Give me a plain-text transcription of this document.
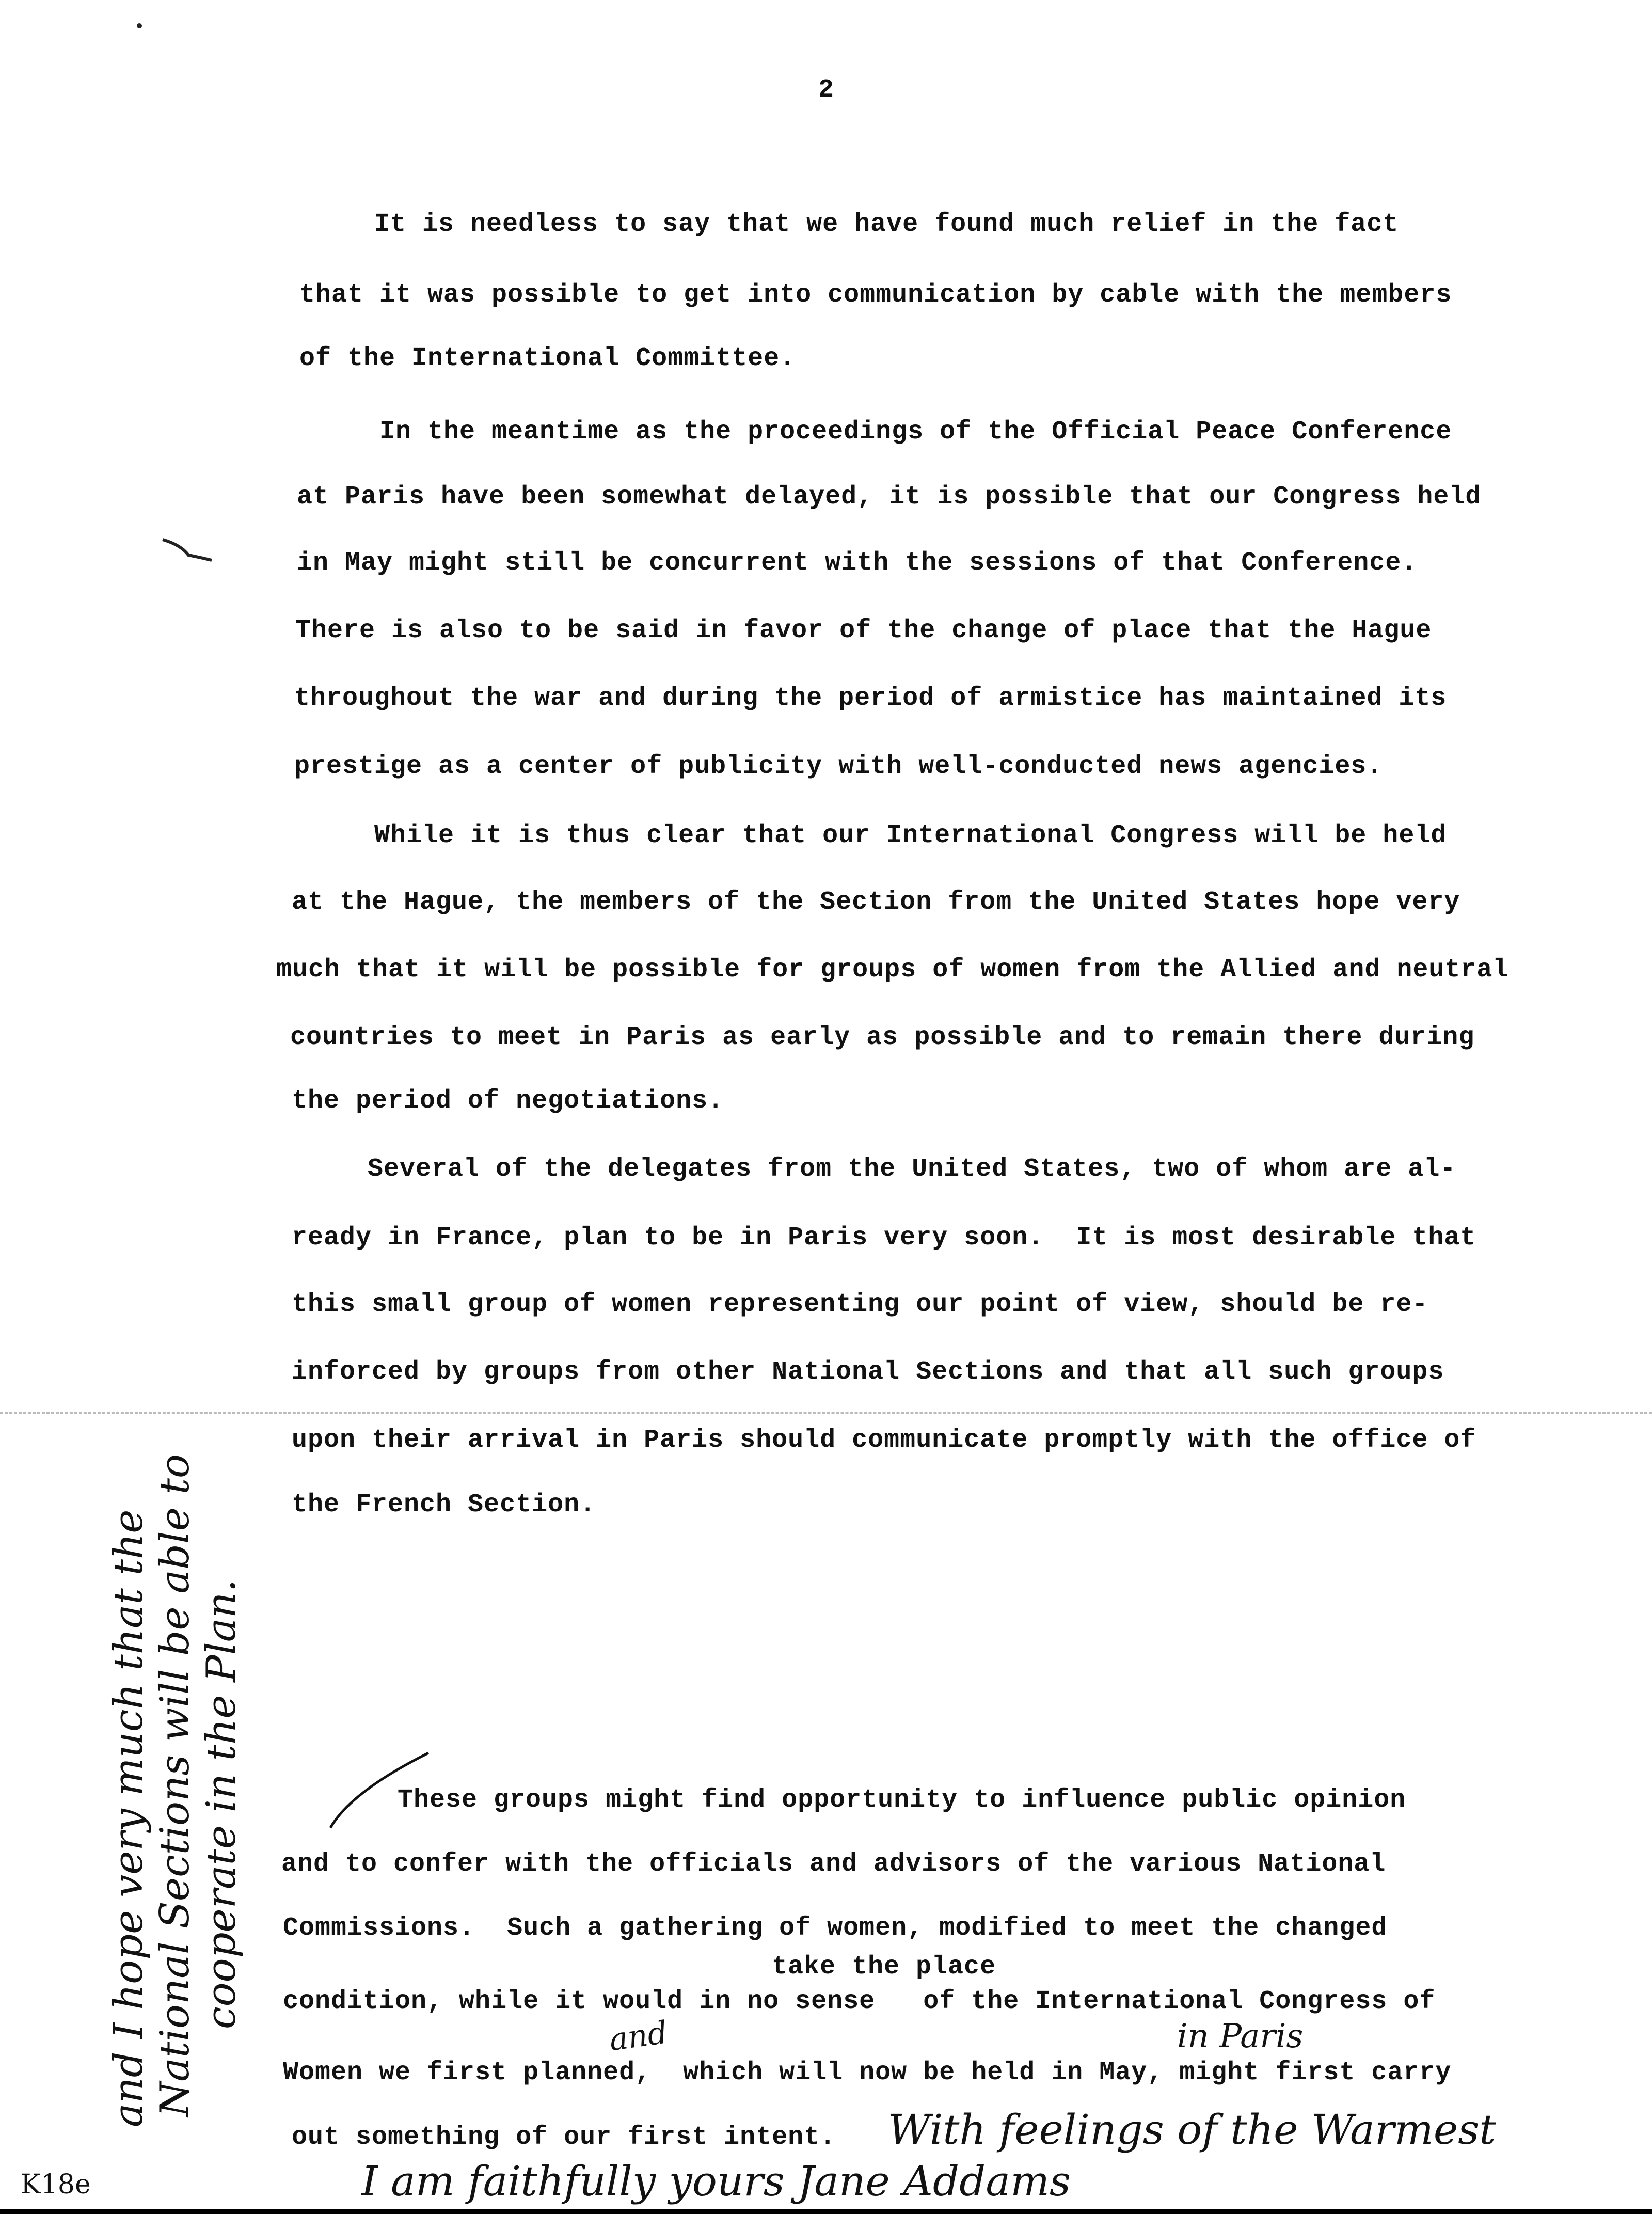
2
It is needless to say that we have found much relief in the fact
that it was possible to get into communication by cable with the members
of the International Committee.
In the meantime as the proceedings of the Official Peace Conference
at Paris have been somewhat delayed, it is possible that our Congress held
in May might still be concurrent with the sessions of that Conference.
There is also to be said in favor of the change of place that the Hague
throughout the war and during the period of armistice has maintained its
prestige as a center of publicity with well-conducted news agencies.
While it is thus clear that our International Congress will be held
at the Hague, the members of the Section from the United States hope very
much that it will be possible for groups of women from the Allied and neutral
countries to meet in Paris as early as possible and to remain there during
the period of negotiations.
Several of the delegates from the United States, two of whom are al-
ready in France, plan to be in Paris very soon.  It is most desirable that
this small group of women representing our point of view, should be re-
inforced by groups from other National Sections and that all such groups
upon their arrival in Paris should communicate promptly with the office of
the French Section.
These groups might find opportunity to influence public opinion
and to confer with the officials and advisors of the various National
Commissions.  Such a gathering of women, modified to meet the changed
take the place
condition, while it would in no sense   of the International Congress of
and	in Paris
Women we first planned,  which will now be held in May, might first carry
out something of our first intent. With feelings of the Warmest
I am faithfully yours Jane Addams
and I hope very much that the National Sections will be able to cooperate in the Plan.
K18e
